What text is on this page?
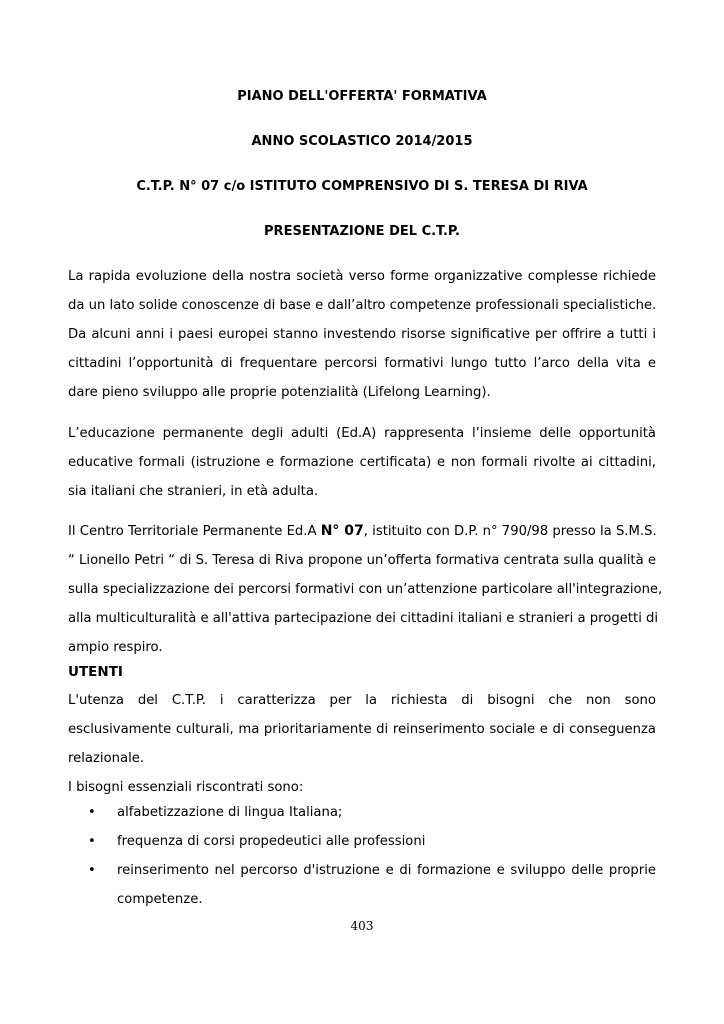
PIANO DELL'OFFERTA' FORMATIVA
ANNO SCOLASTICO 2014/2015
C.T.P. N° 07 c/o ISTITUTO COMPRENSIVO DI S. TERESA DI RIVA
PRESENTAZIONE DEL C.T.P.
La rapida evoluzione della nostra società verso forme organizzative complesse richiede
da un lato solide conoscenze di base e dall’altro competenze professionali specialistiche.
Da alcuni anni i paesi europei stanno investendo risorse significative per offrire a tutti i
cittadini l’opportunità di frequentare percorsi formativi lungo tutto l’arco della vita e
dare pieno sviluppo alle proprie potenzialità (Lifelong Learning).
L’educazione permanente degli adulti (Ed.A) rappresenta l’insieme delle opportunità
educative formali (istruzione e formazione certificata) e non formali rivolte ai cittadini,
sia italiani che stranieri, in età adulta.
Il Centro Territoriale Permanente Ed.A N° 07, istituito con D.P. n° 790/98 presso la S.M.S.
“ Lionello Petri “ di S. Teresa di Riva propone un’offerta formativa centrata sulla qualità e
sulla specializzazione dei percorsi formativi con un’attenzione particolare all'integrazione,
alla multiculturalità e all'attiva partecipazione dei cittadini italiani e stranieri a progetti di
ampio respiro.
UTENTI
L'utenza del C.T.P. i caratterizza per la richiesta di bisogni che non sono
esclusivamente culturali, ma prioritariamente di reinserimento sociale e di conseguenza
relazionale.
I bisogni essenziali riscontrati sono:
• alfabetizzazione di lingua Italiana;
• frequenza di corsi propedeutici alle professioni
• reinserimento nel percorso d'istruzione e di formazione e sviluppo delle proprie
competenze.
403
